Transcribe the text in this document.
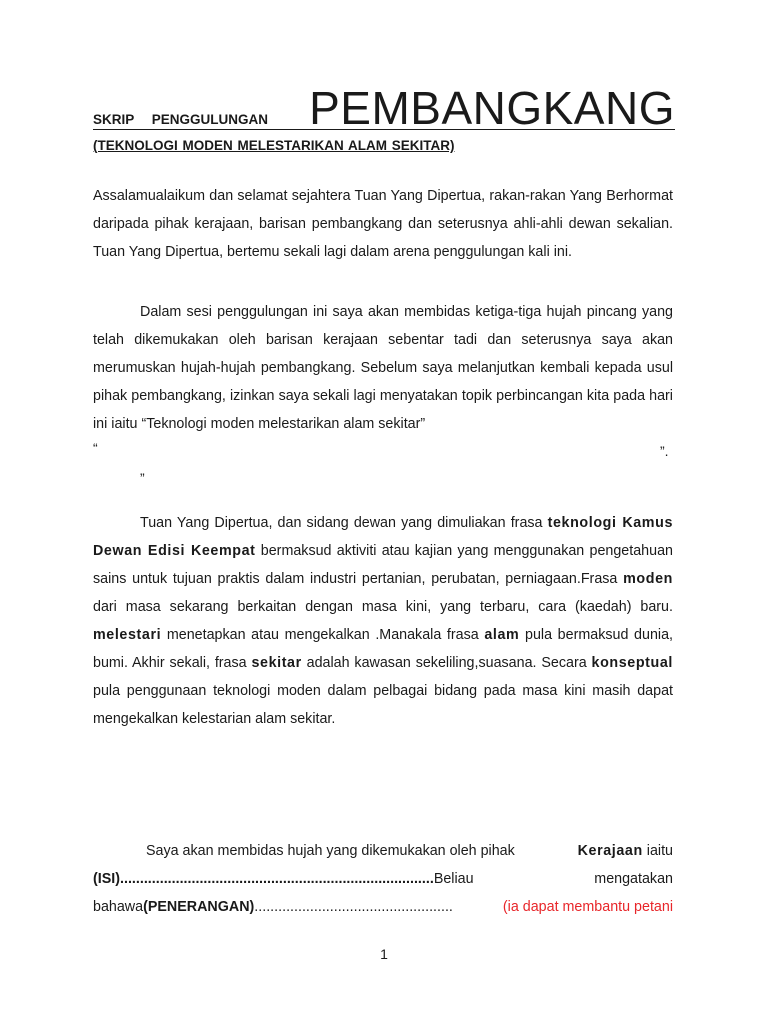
SKRIP PENGGULUNGAN PEMBANGKANG
(TEKNOLOGI MODEN MELESTARIKAN ALAM SEKITAR)
Assalamualaikum dan selamat sejahtera Tuan Yang Dipertua, rakan-rakan Yang Berhormat daripada pihak kerajaan, barisan pembangkang dan seterusnya ahli-ahli dewan sekalian. Tuan Yang Dipertua, bertemu sekali lagi dalam arena penggulungan kali ini.
Dalam sesi penggulungan ini saya akan membidas ketiga-tiga hujah pincang yang telah dikemukakan oleh barisan kerajaan sebentar tadi dan seterusnya saya akan merumuskan hujah-hujah pembangkang. Sebelum saya melanjutkan kembali kepada usul pihak pembangkang, izinkan saya sekali lagi menyatakan topik perbincangan kita pada hari ini iaitu “Teknologi moden melestarikan alam sekitar”
“	”.
”
Tuan Yang Dipertua, dan sidang dewan yang dimuliakan frasa teknologi Kamus Dewan Edisi Keempat bermaksud aktiviti atau kajian yang menggunakan pengetahuan sains untuk tujuan praktis dalam industri pertanian, perubatan, perniagaan.Frasa moden dari masa sekarang berkaitan dengan masa kini, yang terbaru, cara (kaedah) baru. melestari menetapkan atau mengekalkan .Manakala frasa alam pula bermaksud dunia, bumi. Akhir sekali, frasa sekitar adalah kawasan sekeliling,suasana. Secara konseptual pula penggunaan teknologi moden dalam pelbagai bidang pada masa kini masih dapat mengekalkan kelestarian alam sekitar.
Saya akan membidas hujah yang dikemukakan oleh pihak	Kerajaan iaitu
(ISI)...............................................................................Beliau	mengatakan
bahawa (PENERANGAN) ..................................................	(ia dapat membantu petani
1
